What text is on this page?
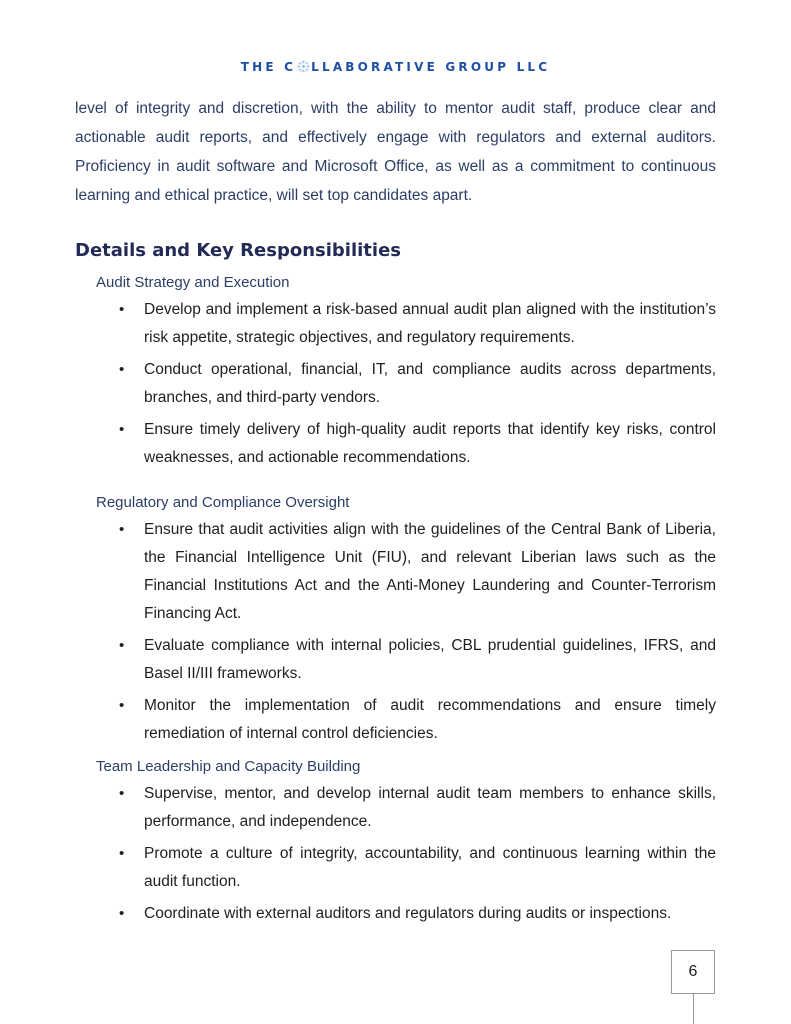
THE C LLABORATIVE GROUP LLC
level of integrity and discretion, with the ability to mentor audit staff, produce clear and actionable audit reports, and effectively engage with regulators and external auditors. Proficiency in audit software and Microsoft Office, as well as a commitment to continuous learning and ethical practice, will set top candidates apart.
Details and Key Responsibilities

Audit Strategy and Execution

• Develop and implement a risk-based annual audit plan aligned with the institution’s risk appetite, strategic objectives, and regulatory requirements.
• Conduct operational, financial, IT, and compliance audits across departments, branches, and third-party vendors.
• Ensure timely delivery of high-quality audit reports that identify key risks, control weaknesses, and actionable recommendations.

Regulatory and Compliance Oversight

• Ensure that audit activities align with the guidelines of the Central Bank of Liberia, the Financial Intelligence Unit (FIU), and relevant Liberian laws such as the Financial Institutions Act and the Anti-Money Laundering and Counter-Terrorism Financing Act.
• Evaluate compliance with internal policies, CBL prudential guidelines, IFRS, and Basel II/III frameworks.
• Monitor the implementation of audit recommendations and ensure timely remediation of internal control deficiencies.

Team Leadership and Capacity Building

• Supervise, mentor, and develop internal audit team members to enhance skills, performance, and independence.
• Promote a culture of integrity, accountability, and continuous learning within the audit function.
• Coordinate with external auditors and regulators during audits or inspections.
6
